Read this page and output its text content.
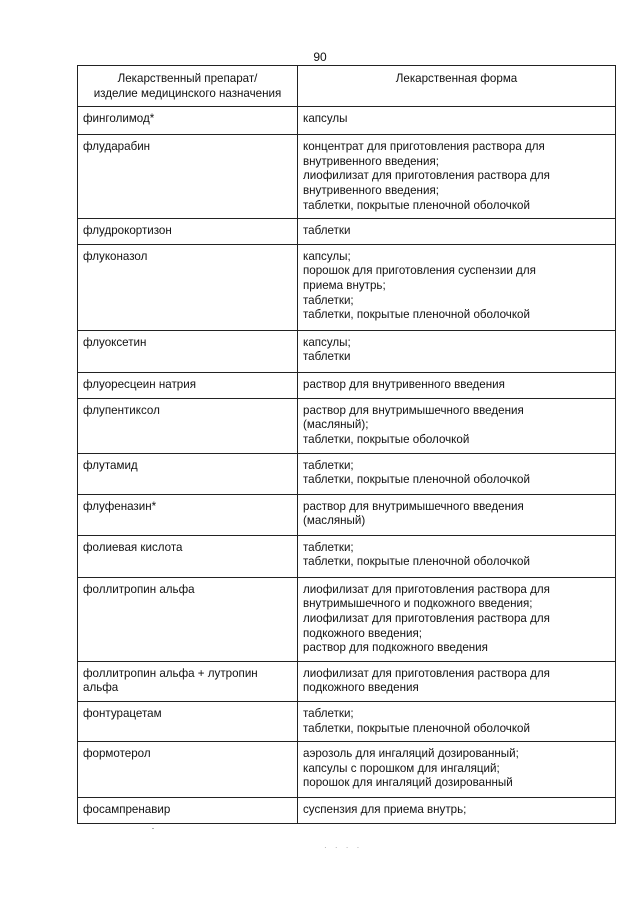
90
Лекарственный препарат/
изделие медицинского назначения	Лекарственная форма
финголимод*	капсулы
флударабин	концентрат для приготовления раствора для
внутривенного введения;
лиофилизат для приготовления раствора для
внутривенного введения;
таблетки, покрытые пленочной оболочкой
флудрокортизон	таблетки
флуконазол	капсулы;
порошок для приготовления суспензии для
приема внутрь;
таблетки;
таблетки, покрытые пленочной оболочкой
флуоксетин	капсулы;
таблетки
флуоресцеин натрия	раствор для внутривенного введения
флупентиксол	раствор для внутримышечного введения
(масляный);
таблетки, покрытые оболочкой
флутамид	таблетки;
таблетки, покрытые пленочной оболочкой
флуфеназин*	раствор для внутримышечного введения
(масляный)
фолиевая кислота	таблетки;
таблетки, покрытые пленочной оболочкой
фоллитропин альфа	лиофилизат для приготовления раствора для
внутримышечного и подкожного введения;
лиофилизат для приготовления раствора для
подкожного введения;
раствор для подкожного введения
фоллитропин альфа + лутропин
альфа	лиофилизат для приготовления раствора для
подкожного введения
фонтурацетам	таблетки;
таблетки, покрытые пленочной оболочкой
формотерол	аэрозоль для ингаляций дозированный;
капсулы с порошком для ингаляций;
порошок для ингаляций дозированный
фосампренавир	суспензия для приема внутрь;
· · · ·
